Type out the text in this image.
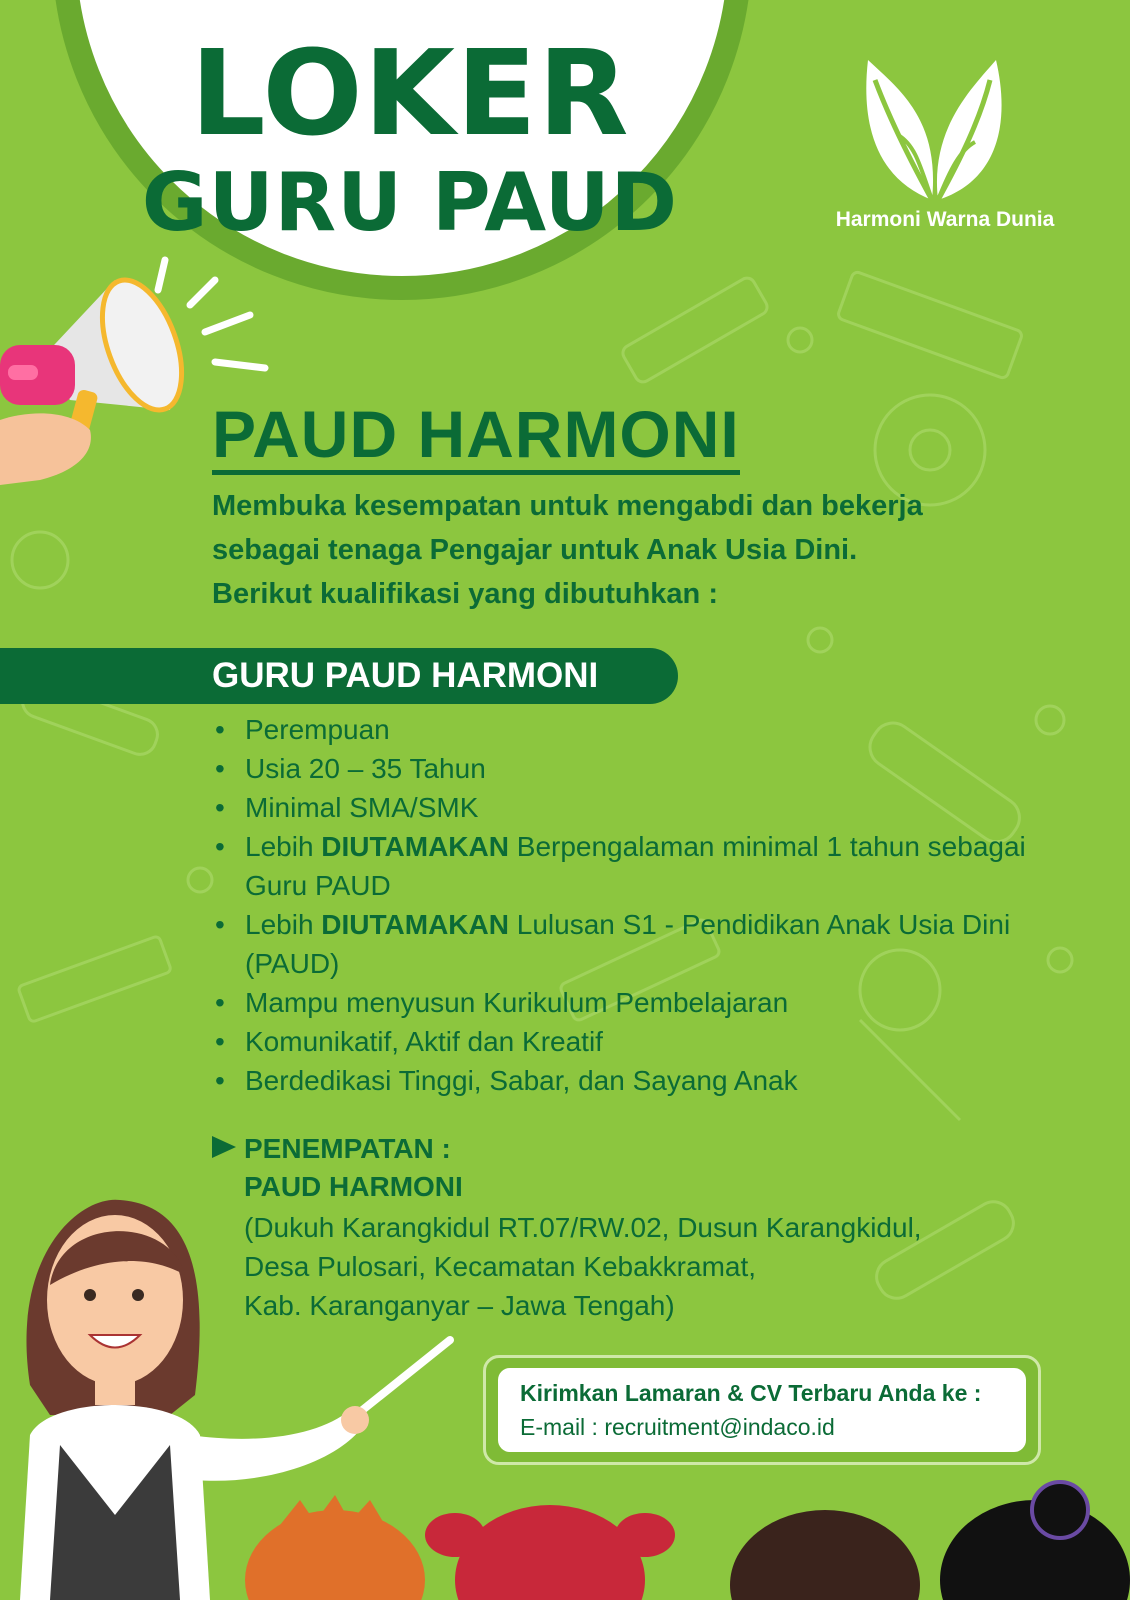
LOKER
GURU PAUD	Harmoni Warna Dunia
PAUD HARMONI
Membuka kesempatan untuk mengabdi dan bekerja
sebagai tenaga Pengajar untuk Anak Usia Dini.
Berikut kualifikasi yang dibutuhkan :
GURU PAUD HARMONI
• Perempuan
• Usia 20 – 35 Tahun
• Minimal SMA/SMK
• Lebih DIUTAMAKAN Berpengalaman minimal 1 tahun sebagai Guru PAUD
• Lebih DIUTAMAKAN Lulusan S1 - Pendidikan Anak Usia Dini (PAUD)
• Mampu menyusun Kurikulum Pembelajaran
• Komunikatif, Aktif dan Kreatif
• Berdedikasi Tinggi, Sabar, dan Sayang Anak
PENEMPATAN :
PAUD HARMONI
(Dukuh Karangkidul RT.07/RW.02, Dusun Karangkidul,
Desa Pulosari, Kecamatan Kebakkramat,
Kab. Karanganyar – Jawa Tengah)
Kirimkan Lamaran & CV Terbaru Anda ke :
E-mail : recruitment@indaco.id
